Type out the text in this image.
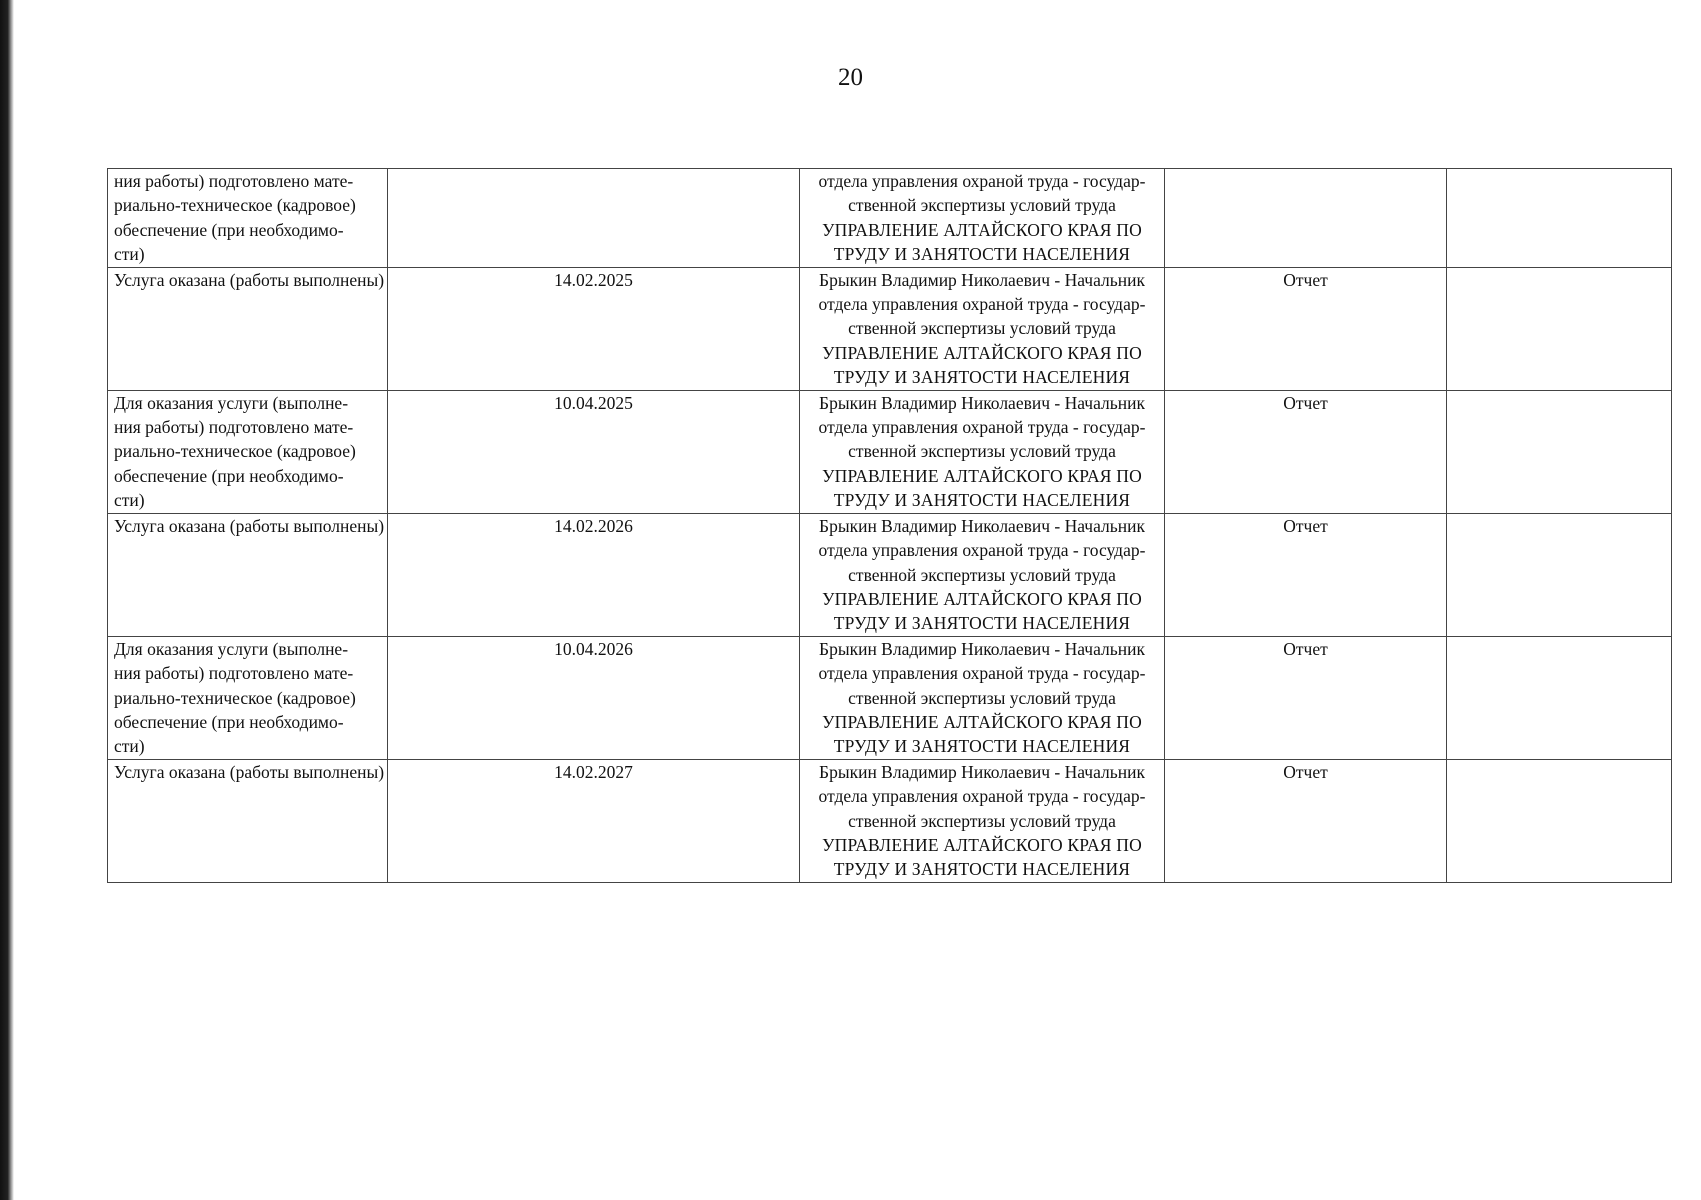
20
ния работы) подготовлено мате-
риально-техническое (кадровое)
обеспечение (при необходимо-
сти)		отдела управления охраной труда - государ-
ственной экспертизы условий труда
УПРАВЛЕНИЕ АЛТАЙСКОГО КРАЯ ПО
ТРУДУ И ЗАНЯТОСТИ НАСЕЛЕНИЯ		

Услуга оказана (работы выполнены)	14.02.2025	Брыкин Владимир Николаевич - Начальник
отдела управления охраной труда - государ-
ственной экспертизы условий труда
УПРАВЛЕНИЕ АЛТАЙСКОГО КРАЯ ПО
ТРУДУ И ЗАНЯТОСТИ НАСЕЛЕНИЯ	Отчет	

Для оказания услуги (выполне-
ния работы) подготовлено мате-
риально-техническое (кадровое)
обеспечение (при необходимо-
сти)	10.04.2025	Брыкин Владимир Николаевич - Начальник
отдела управления охраной труда - государ-
ственной экспертизы условий труда
УПРАВЛЕНИЕ АЛТАЙСКОГО КРАЯ ПО
ТРУДУ И ЗАНЯТОСТИ НАСЕЛЕНИЯ	Отчет	

Услуга оказана (работы выполнены)	14.02.2026	Брыкин Владимир Николаевич - Начальник
отдела управления охраной труда - государ-
ственной экспертизы условий труда
УПРАВЛЕНИЕ АЛТАЙСКОГО КРАЯ ПО
ТРУДУ И ЗАНЯТОСТИ НАСЕЛЕНИЯ	Отчет	

Для оказания услуги (выполне-
ния работы) подготовлено мате-
риально-техническое (кадровое)
обеспечение (при необходимо-
сти)	10.04.2026	Брыкин Владимир Николаевич - Начальник
отдела управления охраной труда - государ-
ственной экспертизы условий труда
УПРАВЛЕНИЕ АЛТАЙСКОГО КРАЯ ПО
ТРУДУ И ЗАНЯТОСТИ НАСЕЛЕНИЯ	Отчет	

Услуга оказана (работы выполнены)	14.02.2027	Брыкин Владимир Николаевич - Начальник
отдела управления охраной труда - государ-
ственной экспертизы условий труда
УПРАВЛЕНИЕ АЛТАЙСКОГО КРАЯ ПО
ТРУДУ И ЗАНЯТОСТИ НАСЕЛЕНИЯ	Отчет	
